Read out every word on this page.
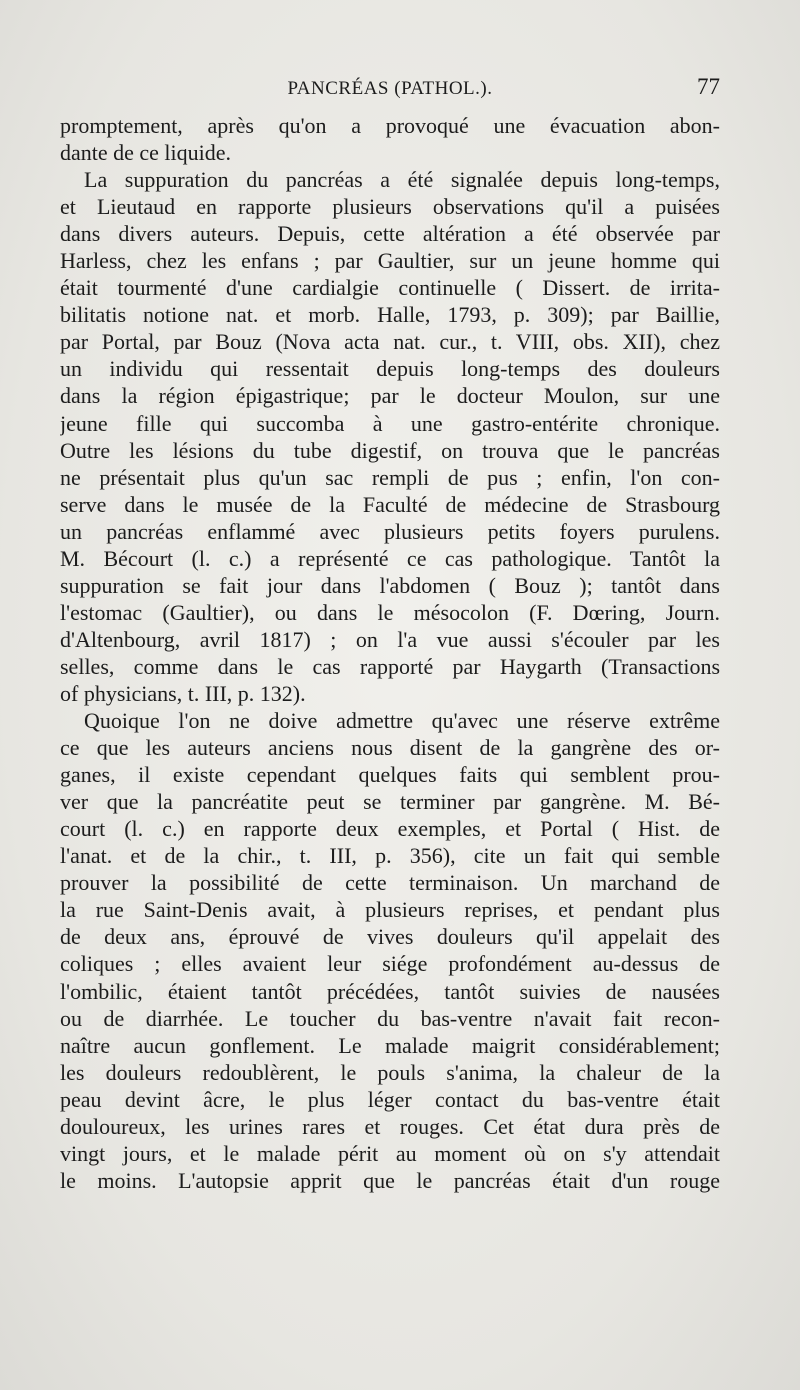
PANCRÉAS (PATHOL.).	77
promptement, après qu'on a provoqué une évacuation abon-
dante de ce liquide.
La suppuration du pancréas a été signalée depuis long-temps,
et Lieutaud en rapporte plusieurs observations qu'il a puisées
dans divers auteurs. Depuis, cette altération a été observée par
Harless, chez les enfans ; par Gaultier, sur un jeune homme qui
était tourmenté d'une cardialgie continuelle ( Dissert. de irrita-
bilitatis notione nat. et morb. Halle, 1793, p. 309); par Baillie,
par Portal, par Bouz (Nova acta nat. cur., t. VIII, obs. XII), chez
un individu qui ressentait depuis long-temps des douleurs
dans la région épigastrique; par le docteur Moulon, sur une
jeune fille qui succomba à une gastro-entérite chronique.
Outre les lésions du tube digestif, on trouva que le pancréas
ne présentait plus qu'un sac rempli de pus ; enfin, l'on con-
serve dans le musée de la Faculté de médecine de Strasbourg
un pancréas enflammé avec plusieurs petits foyers purulens.
M. Bécourt (l. c.) a représenté ce cas pathologique. Tantôt la
suppuration se fait jour dans l'abdomen ( Bouz ); tantôt dans
l'estomac (Gaultier), ou dans le mésocolon (F. Dœring, Journ.
d'Altenbourg, avril 1817) ; on l'a vue aussi s'écouler par les
selles, comme dans le cas rapporté par Haygarth (Transactions
of physicians, t. III, p. 132).
Quoique l'on ne doive admettre qu'avec une réserve extrême
ce que les auteurs anciens nous disent de la gangrène des or-
ganes, il existe cependant quelques faits qui semblent prou-
ver que la pancréatite peut se terminer par gangrène. M. Bé-
court (l. c.) en rapporte deux exemples, et Portal ( Hist. de
l'anat. et de la chir., t. III, p. 356), cite un fait qui semble
prouver la possibilité de cette terminaison. Un marchand de
la rue Saint-Denis avait, à plusieurs reprises, et pendant plus
de deux ans, éprouvé de vives douleurs qu'il appelait des
coliques ; elles avaient leur siége profondément au-dessus de
l'ombilic, étaient tantôt précédées, tantôt suivies de nausées
ou de diarrhée. Le toucher du bas-ventre n'avait fait recon-
naître aucun gonflement. Le malade maigrit considérablement;
les douleurs redoublèrent, le pouls s'anima, la chaleur de la
peau devint âcre, le plus léger contact du bas-ventre était
douloureux, les urines rares et rouges. Cet état dura près de
vingt jours, et le malade périt au moment où on s'y attendait
le moins. L'autopsie apprit que le pancréas était d'un rouge
